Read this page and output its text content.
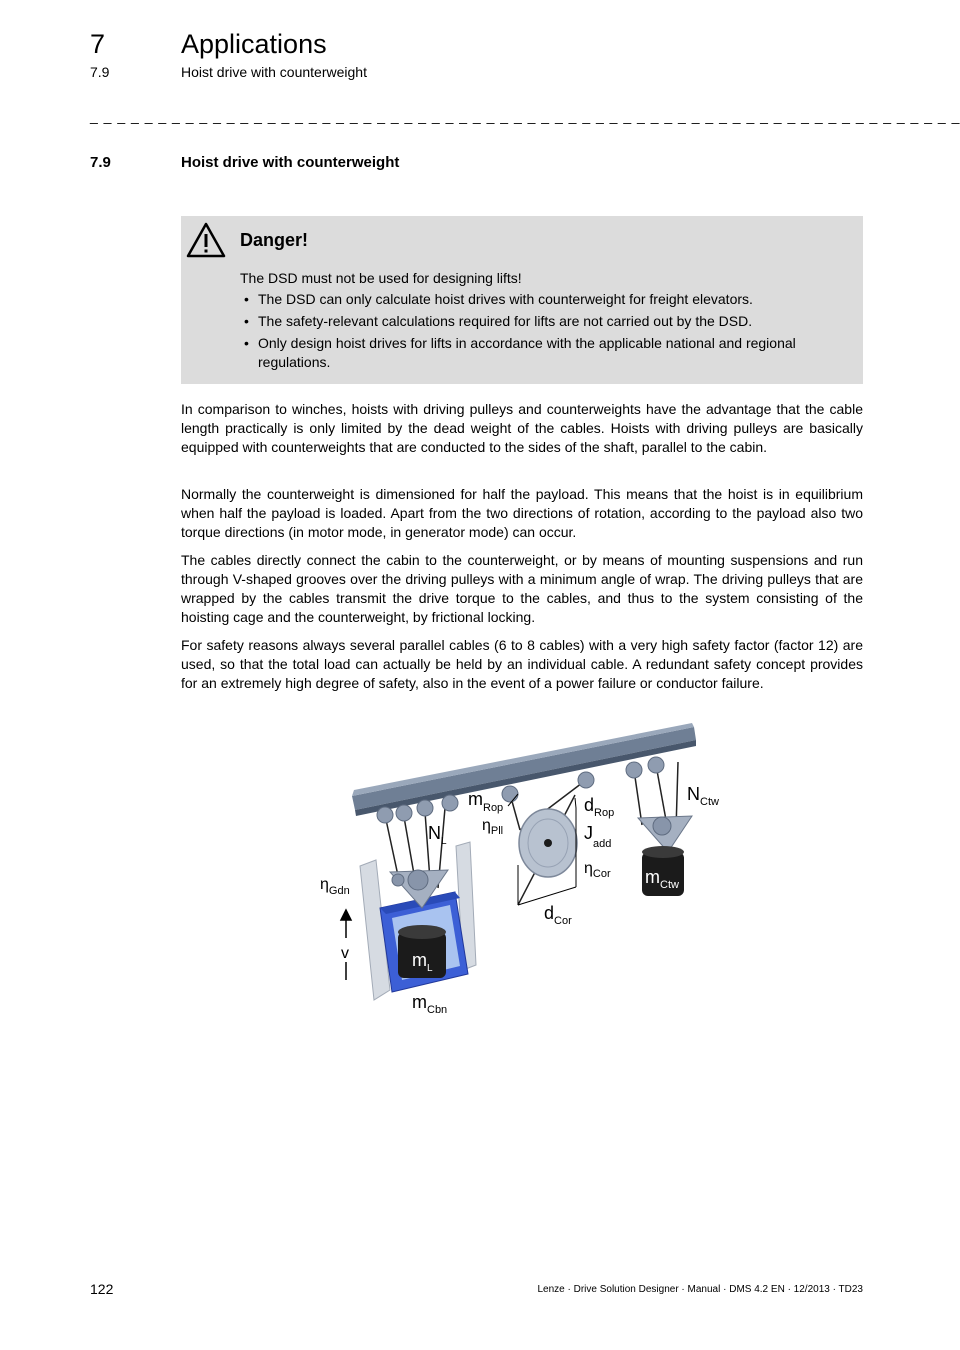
7	Applications
7.9	Hoist drive with counterweight
_ _ _ _ _ _ _ _ _ _ _ _ _ _ _ _ _ _ _ _ _ _ _ _ _ _ _ _ _ _ _ _ _ _ _ _ _ _ _ _ _ _ _ _ _ _ _ _ _ _ _ _ _ _ _ _ _ _ _ _ _ _ _ _
7.9	Hoist drive with counterweight
Danger!
The DSD must not be used for designing lifts!
• The DSD can only calculate hoist drives with counterweight for freight elevators.
• The safety-relevant calculations required for lifts are not carried out by the DSD.
• Only design hoist drives for lifts in accordance with the applicable national and regional regulations.

In comparison to winches, hoists with driving pulleys and counterweights have the advantage that the cable length practically is only limited by the dead weight of the cables. Hoists with driving pulleys are basically equipped with counterweights that are conducted to the sides of the shaft, parallel to the cabin.

Normally the counterweight is dimensioned for half the payload. This means that the hoist is in equilibrium when half the payload is loaded. Apart from the two directions of rotation, according to the payload also two torque directions (in motor mode, in generator mode) can occur.

The cables directly connect the cabin to the counterweight, or by means of mounting suspensions and run through V-shaped grooves over the driving pulleys with a minimum angle of wrap. The driving pulleys that are wrapped by the cables transmit the drive torque to the cables, and thus to the system consisting of the hoisting cage and the counterweight, by frictional locking.

For safety reasons always several parallel cables (6 to 8 cables) with a very high safety factor (factor 12) are used, so that the total load can actually be held by an individual cable. A redundant safety concept provides for an extremely high degree of safety, also in the event of a power failure or conductor failure.

$m_{Rop}$
$\eta_{Pll}$
$N_L$
$\eta_{Gdn}$
v	$m_L$
$m_{Cbn}$
$d_{Rop}$
$J_{add}$
$\eta_{Cor}$
$d_{Cor}$
$N_{Ctw}$
$m_{Ctw}$
122	Lenze · Drive Solution Designer · Manual · DMS 4.2 EN · 12/2013 · TD23
